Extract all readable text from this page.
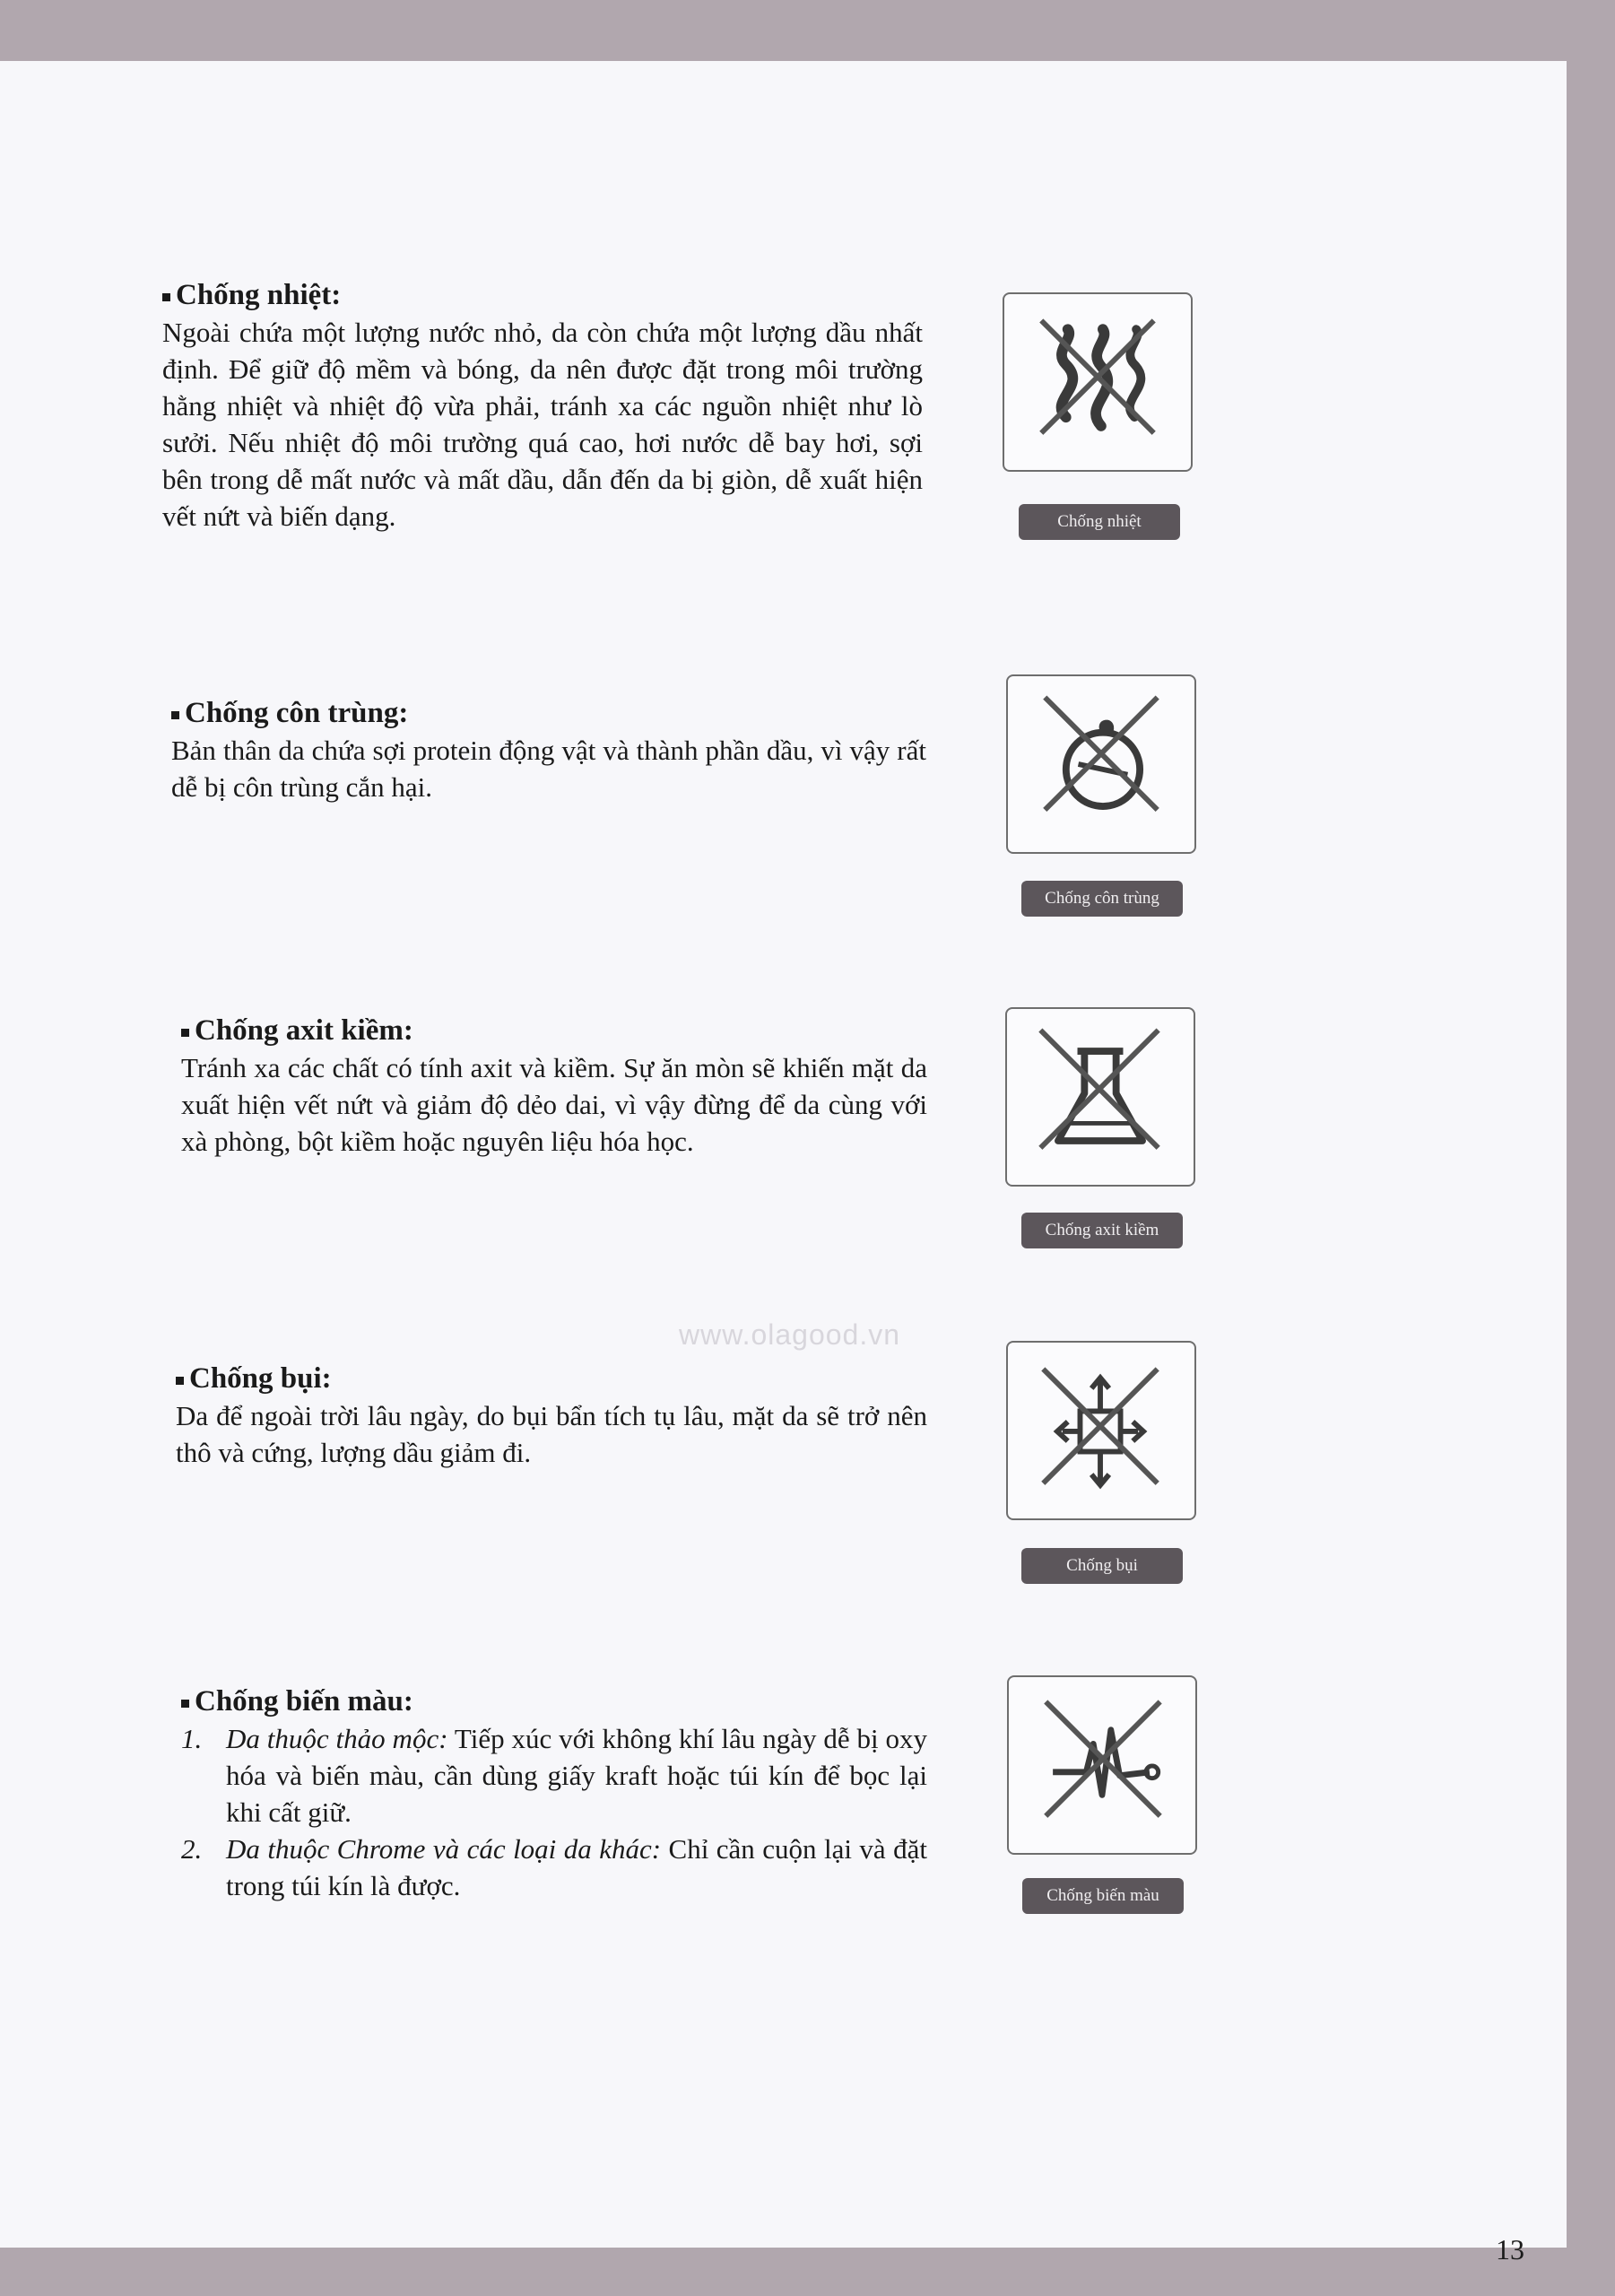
Chống nhiệt:
Ngoài chứa một lượng nước nhỏ, da còn chứa một lượng dầu nhất định. Để giữ độ mềm và bóng, da nên được đặt trong môi trường hằng nhiệt và nhiệt độ vừa phải, tránh xa các nguồn nhiệt như lò sưởi. Nếu nhiệt độ môi trường quá cao, hơi nước dễ bay hơi, sợi bên trong dễ mất nước và mất dầu, dẫn đến da bị giòn, dễ xuất hiện vết nứt và biến dạng.	Chống nhiệt
Chống côn trùng:
Bản thân da chứa sợi protein động vật và thành phần dầu, vì vậy rất dễ bị côn trùng cắn hại.
Chống côn trùng
Chống axit kiềm:
Tránh xa các chất có tính axit và kiềm. Sự ăn mòn sẽ khiến mặt da xuất hiện vết nứt và giảm độ dẻo dai, vì vậy đừng để da cùng với xà phòng, bột kiềm hoặc nguyên liệu hóa học.
Chống axit kiềm
www.olagood.vn
Chống bụi:
Da để ngoài trời lâu ngày, do bụi bẩn tích tụ lâu, mặt da sẽ trở nên thô và cứng, lượng dầu giảm đi.
Chống bụi
Chống biến màu:
1. Da thuộc thảo mộc: Tiếp xúc với không khí lâu ngày dễ bị oxy hóa và biến màu, cần dùng giấy kraft hoặc túi kín để bọc lại khi cất giữ.
2. Da thuộc Chrome và các loại da khác: Chỉ cần cuộn lại và đặt trong túi kín là được.	Chống biến màu
13
